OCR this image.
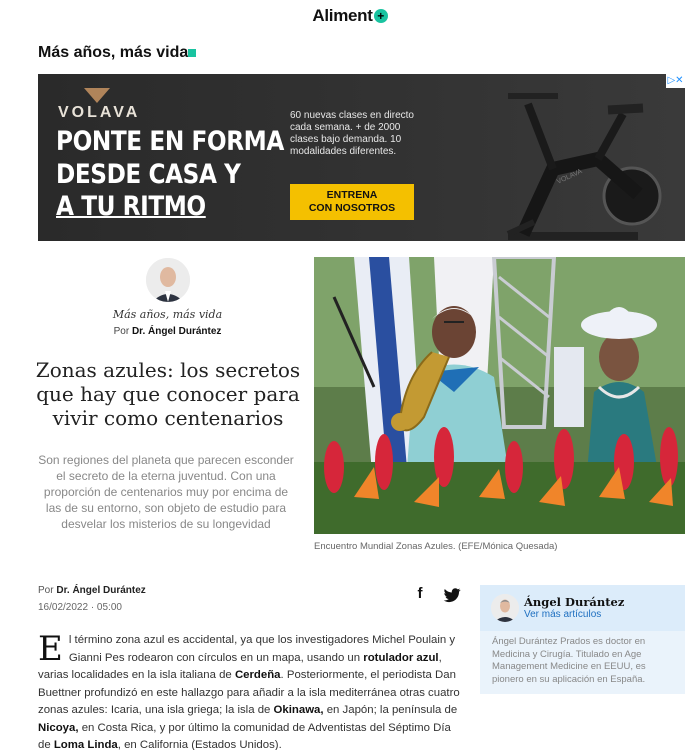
Aliment +
Más años, más vida
VOLAVA
VOLAVA
PONTE EN FORMA
DESDE CASA Y
A TU RITMO
60 nuevas clases en directo cada semana. + de 2000 clases bajo demanda. 10 modalidades diferentes.
ENTRENA
CON NOSOTROS
▷✕
Más años, más vida
Por Dr. Ángel Durántez
Zonas azules: los secretos que hay que conocer para vivir como centenarios
Son regiones del planeta que parecen esconder el secreto de la eterna juventud. Con una proporción de centenarios muy por encima de las de su entorno, son objeto de estudio para desvelar los misterios de su longevidad
Encuentro Mundial Zonas Azules. (EFE/Mónica Quesada)
Por Dr. Ángel Durántez
16/02/2022 · 05:00
f
El término zona azul es accidental, ya que los investigadores Michel Poulain y Gianni Pes rodearon con círculos en un mapa, usando un rotulador azul, varias localidades en la isla italiana de Cerdeña. Posteriormente, el periodista Dan Buettner profundizó en este hallazgo para añadir a la isla mediterránea otras cuatro zonas azules: Icaria, una isla griega; la isla de Okinawa, en Japón; la península de Nicoya, en Costa Rica, y por último la comunidad de Adventistas del Séptimo Día de Loma Linda, en California (Estados Unidos).
Ángel Durántez
Ver más artículos
Ángel Durántez Prados es doctor en Medicina y Cirugía. Titulado en Age Management Medicine en EEUU, es pionero en su aplicación en España.
